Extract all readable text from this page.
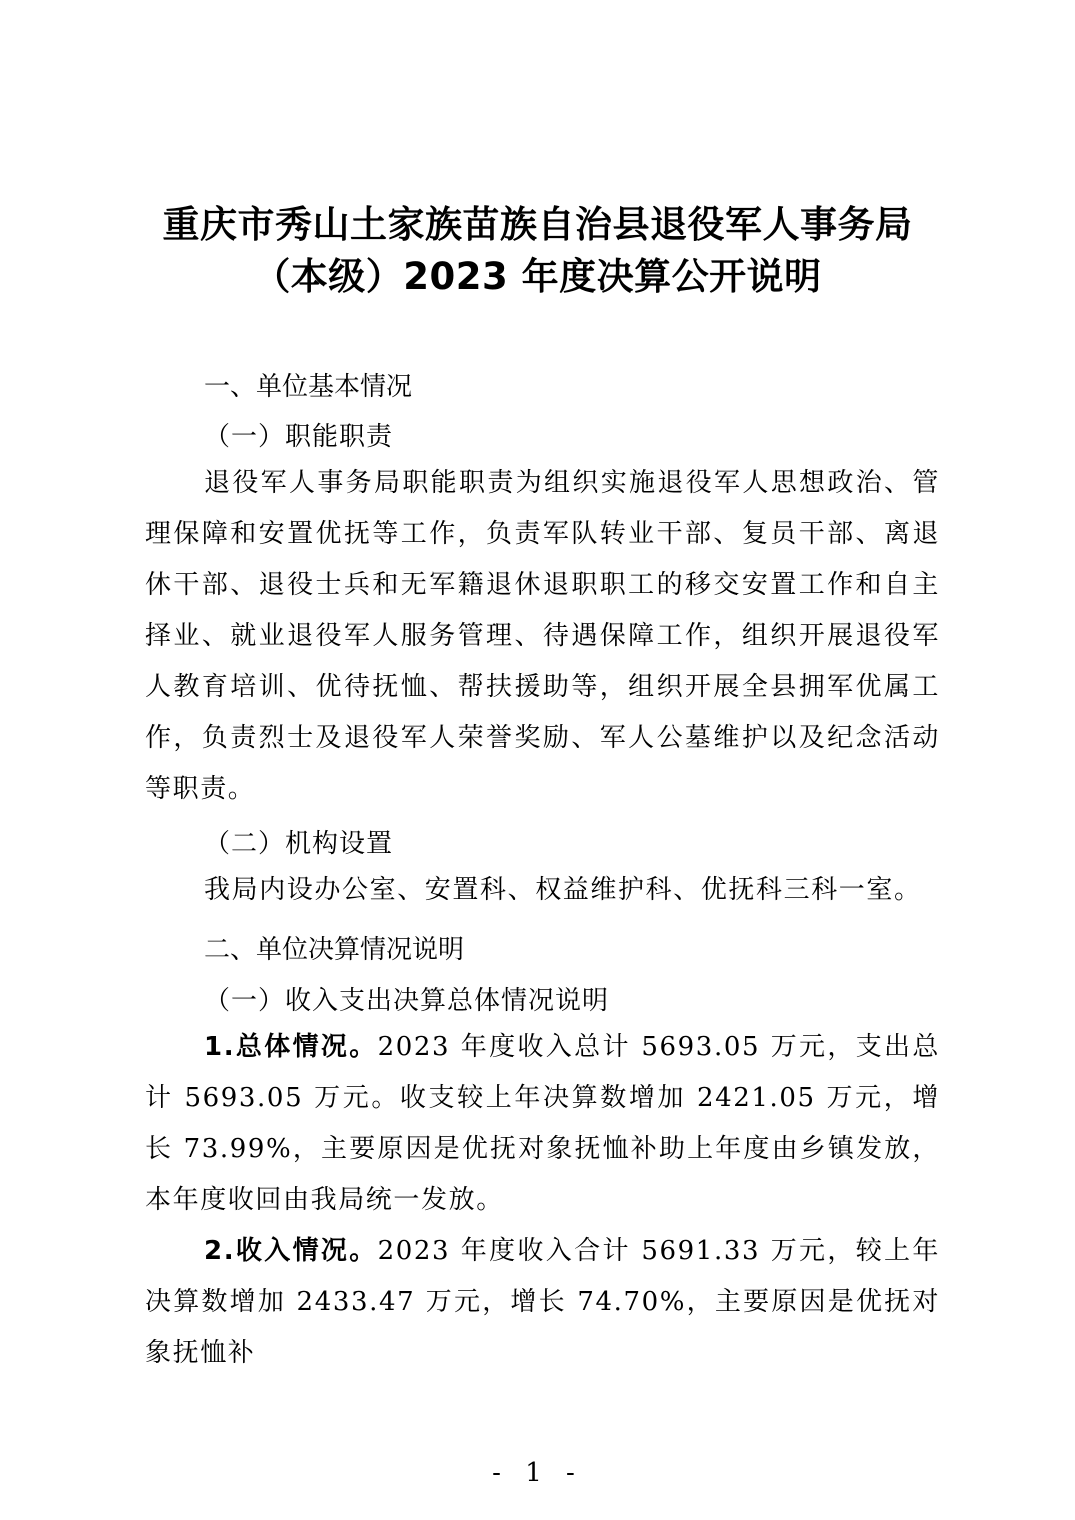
重庆市秀山土家族苗族自治县退役军人事务局
（本级）2023 年度决算公开说明
一、单位基本情况
（一）职能职责
退役军人事务局职能职责为组织实施退役军人思想政治、管理保障和安置优抚等工作，负责军队转业干部、复员干部、离退休干部、退役士兵和无军籍退休退职职工的移交安置工作和自主择业、就业退役军人服务管理、待遇保障工作，组织开展退役军人教育培训、优待抚恤、帮扶援助等，组织开展全县拥军优属工作，负责烈士及退役军人荣誉奖励、军人公墓维护以及纪念活动等职责。
（二）机构设置
我局内设办公室、安置科、权益维护科、优抚科三科一室。
二、单位决算情况说明
（一）收入支出决算总体情况说明
1.总体情况。2023 年度收入总计 5693.05 万元，支出总计 5693.05 万元。收支较上年决算数增加 2421.05 万元，增长 73.99%，主要原因是优抚对象抚恤补助上年度由乡镇发放，本年度收回由我局统一发放。
2.收入情况。2023 年度收入合计 5691.33 万元，较上年决算数增加 2433.47 万元，增长 74.70%，主要原因是优抚对象抚恤补
- 1 -
